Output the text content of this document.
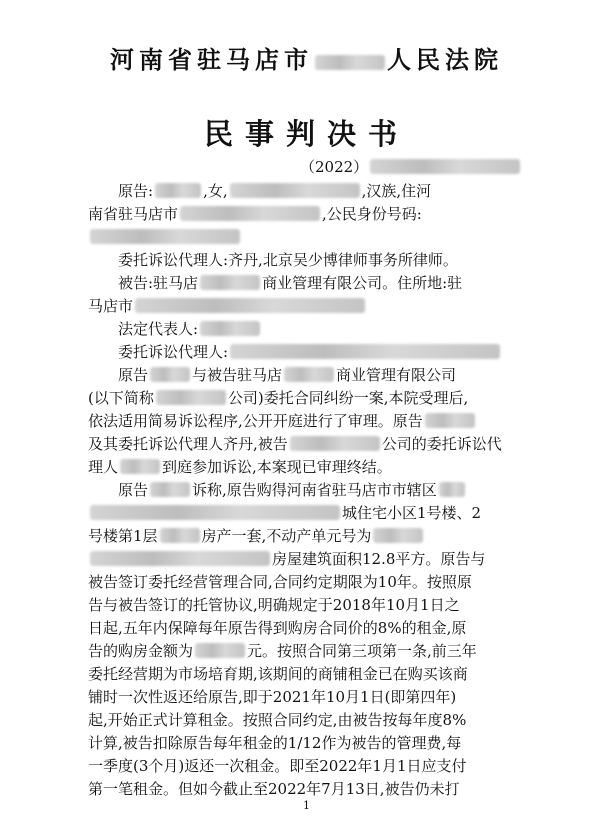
河南省驻马店市	人民法院
民事判决书
（2022）
原告:	,女,	,汉族,住河
南省驻马店市	,公民身份号码:
委托诉讼代理人:齐丹,北京吴少博律师事务所律师。
被告:驻马店	商业管理有限公司。住所地:驻
马店市
法定代表人:
委托诉讼代理人:
原告	与被告驻马店	商业管理有限公司
(以下简称	公司)委托合同纠纷一案,本院受理后,
依法适用简易诉讼程序,公开开庭进行了审理。原告
及其委托诉讼代理人齐丹,被告	公司的委托诉讼代
理人	到庭参加诉讼,本案现已审理终结。
原告	诉称,原告购得河南省驻马店市市辖区
城住宅小区1号楼、2
号楼第1层	房产一套,不动产单元号为
房屋建筑面积12.8平方。原告与
被告签订委托经营管理合同,合同约定期限为10年。按照原
告与被告签订的托管协议,明确规定于2018年10月1日之
日起,五年内保障每年原告得到购房合同价的8%的租金,原
告的购房金额为	元。按照合同第三项第一条,前三年
委托经营期为市场培育期,该期间的商铺租金已在购买该商
铺时一次性返还给原告,即于2021年10月1日(即第四年)
起,开始正式计算租金。按照合同约定,由被告按每年度8%
计算,被告扣除原告每年租金的1/12作为被告的管理费,每
一季度(3个月)返还一次租金。即至2022年1月1日应支付
第一笔租金。但如今截止至2022年7月13日,被告仍未打
1
